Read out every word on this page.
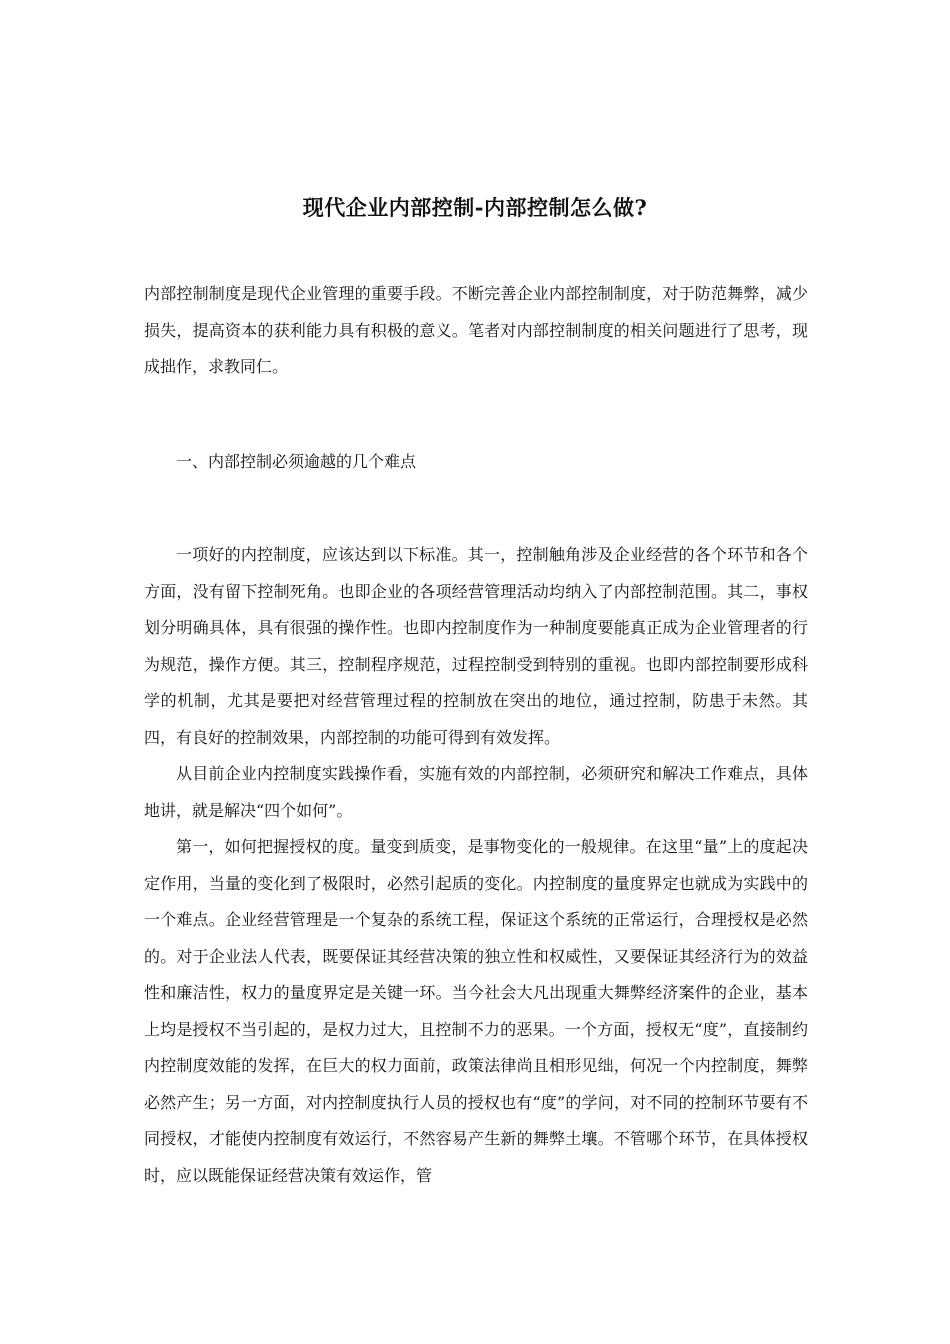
现代企业内部控制-内部控制怎么做?

内部控制制度是现代企业管理的重要手段。不断完善企业内部控制制度，对于防范舞弊，减少损失，提高资本的获利能力具有积极的意义。笔者对内部控制制度的相关问题进行了思考，现成拙作，求教同仁。

一、内部控制必须逾越的几个难点

一项好的内控制度，应该达到以下标准。其一，控制触角涉及企业经营的各个环节和各个方面，没有留下控制死角。也即企业的各项经营管理活动均纳入了内部控制范围。其二，事权划分明确具体，具有很强的操作性。也即内控制度作为一种制度要能真正成为企业管理者的行为规范，操作方便。其三，控制程序规范，过程控制受到特别的重视。也即内部控制要形成科学的机制，尤其是要把对经营管理过程的控制放在突出的地位，通过控制，防患于未然。其四，有良好的控制效果，内部控制的功能可得到有效发挥。

从目前企业内控制度实践操作看，实施有效的内部控制，必须研究和解决工作难点，具体地讲，就是解决“四个如何”。

第一，如何把握授权的度。量变到质变，是事物变化的一般规律。在这里“量”上的度起决定作用，当量的变化到了极限时，必然引起质的变化。内控制度的量度界定也就成为实践中的一个难点。企业经营管理是一个复杂的系统工程，保证这个系统的正常运行，合理授权是必然的。对于企业法人代表，既要保证其经营决策的独立性和权威性，又要保证其经济行为的效益性和廉洁性，权力的量度界定是关键一环。当今社会大凡出现重大舞弊经济案件的企业，基本上均是授权不当引起的，是权力过大，且控制不力的恶果。一个方面，授权无“度”，直接制约内控制度效能的发挥，在巨大的权力面前，政策法律尚且相形见绌，何况一个内控制度，舞弊必然产生；另一方面，对内控制度执行人员的授权也有“度”的学问，对不同的控制环节要有不同授权，才能使内控制度有效运行，不然容易产生新的舞弊土壤。不管哪个环节，在具体授权时，应以既能保证经营决策有效运作，管
